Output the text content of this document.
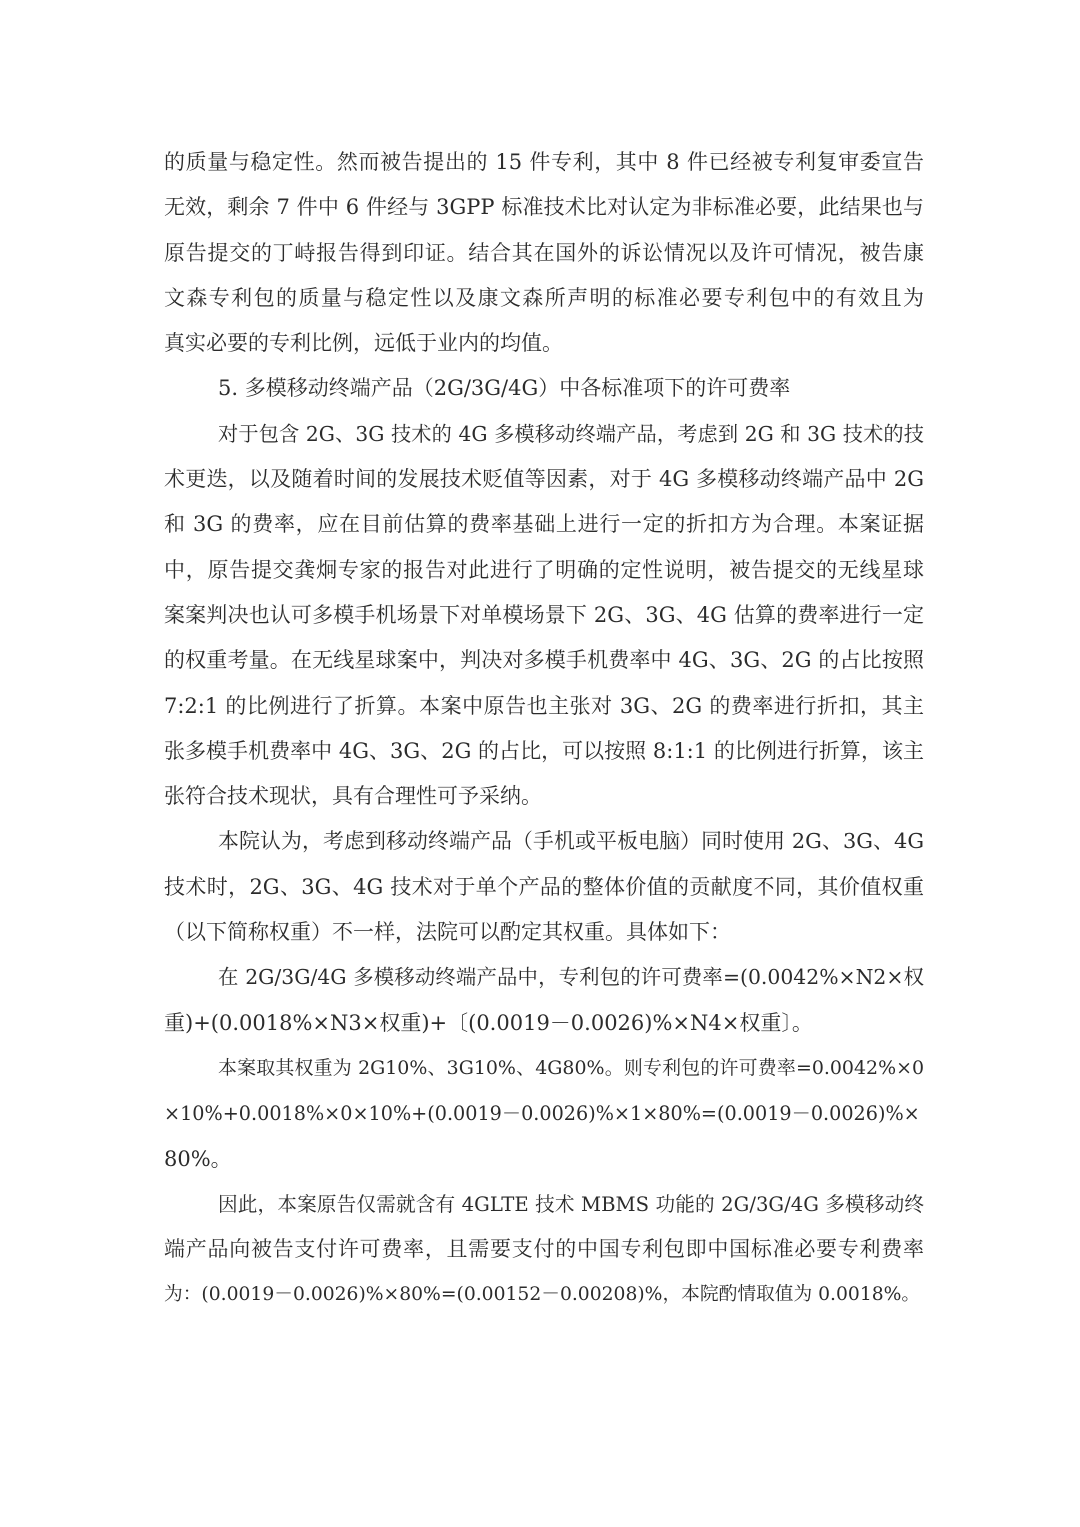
的质量与稳定性。然而被告提出的 15 件专利，其中 8 件已经被专利复审委宣告
无效，剩余 7 件中 6 件经与 3GPP 标准技术比对认定为非标准必要，此结果也与
原告提交的丁峙报告得到印证。结合其在国外的诉讼情况以及许可情况，被告康
文森专利包的质量与稳定性以及康文森所声明的标准必要专利包中的有效且为
真实必要的专利比例，远低于业内的均值。
5. 多模移动终端产品（2G/3G/4G）中各标准项下的许可费率
对于包含 2G、3G 技术的 4G 多模移动终端产品，考虑到 2G 和 3G 技术的技
术更迭，以及随着时间的发展技术贬值等因素，对于 4G 多模移动终端产品中 2G
和 3G 的费率，应在目前估算的费率基础上进行一定的折扣方为合理。本案证据
中，原告提交龚炯专家的报告对此进行了明确的定性说明，被告提交的无线星球
案案判决也认可多模手机场景下对单模场景下 2G、3G、4G 估算的费率进行一定
的权重考量。在无线星球案中，判决对多模手机费率中 4G、3G、2G 的占比按照
7:2:1 的比例进行了折算。本案中原告也主张对 3G、2G 的费率进行折扣，其主
张多模手机费率中 4G、3G、2G 的占比，可以按照 8:1:1 的比例进行折算，该主
张符合技术现状，具有合理性可予采纳。
本院认为，考虑到移动终端产品（手机或平板电脑）同时使用 2G、3G、4G
技术时，2G、3G、4G 技术对于单个产品的整体价值的贡献度不同，其价值权重
（以下简称权重）不一样，法院可以酌定其权重。具体如下：
在 2G/3G/4G 多模移动终端产品中，专利包的许可费率=(0.0042%×N2×权
重)+(0.0018%×N3×权重)+〔(0.0019－0.0026)%×N4×权重〕。
本案取其权重为 2G10%、3G10%、4G80%。则专利包的许可费率=0.0042%×0
×10%+0.0018%×0×10%+(0.0019－0.0026)%×1×80%=(0.0019－0.0026)%×
80%。
因此，本案原告仅需就含有 4GLTE 技术 MBMS 功能的 2G/3G/4G 多模移动终
端产品向被告支付许可费率，且需要支付的中国专利包即中国标准必要专利费率
为：(0.0019－0.0026)%×80%=(0.00152－0.00208)%，本院酌情取值为 0.0018%。
